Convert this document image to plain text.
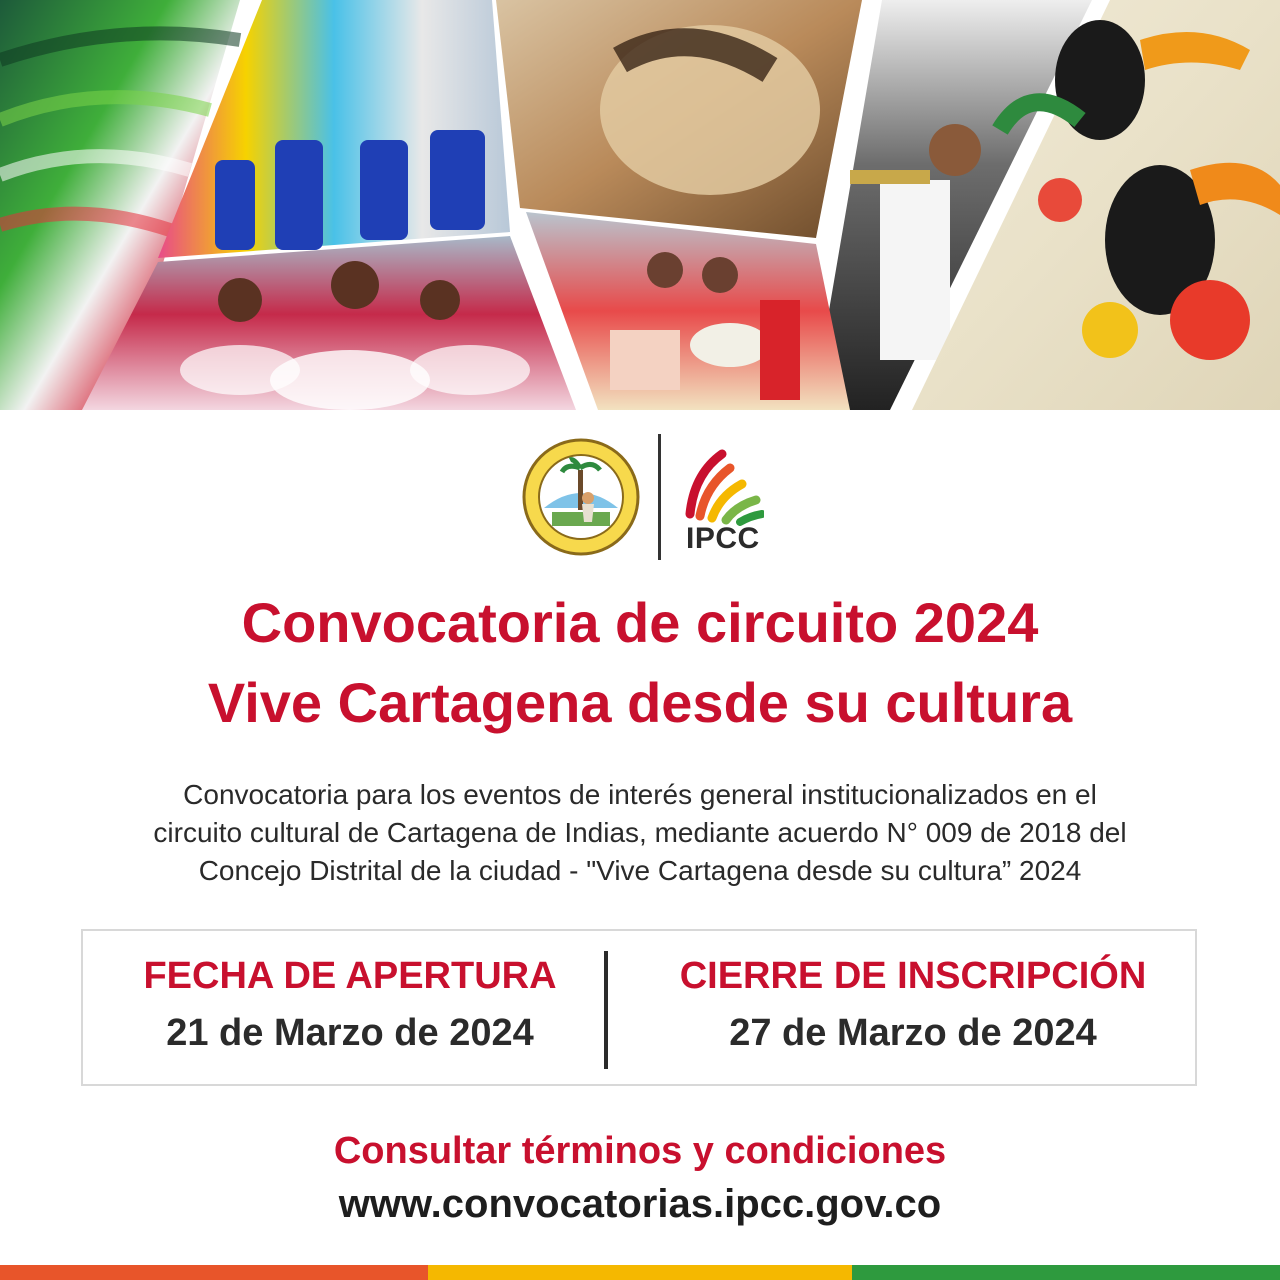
IPCC
Convocatoria de circuito 2024
Vive Cartagena desde su cultura
Convocatoria para los eventos de interés general institucionalizados en el
circuito cultural de Cartagena de Indias, mediante acuerdo N° 009 de 2018 del
Concejo Distrital de la ciudad - "Vive Cartagena desde su cultura” 2024
FECHA DE APERTURA
21 de Marzo de 2024
CIERRE DE INSCRIPCIÓN
27 de Marzo de 2024
Consultar términos y condiciones
www.convocatorias.ipcc.gov.co
